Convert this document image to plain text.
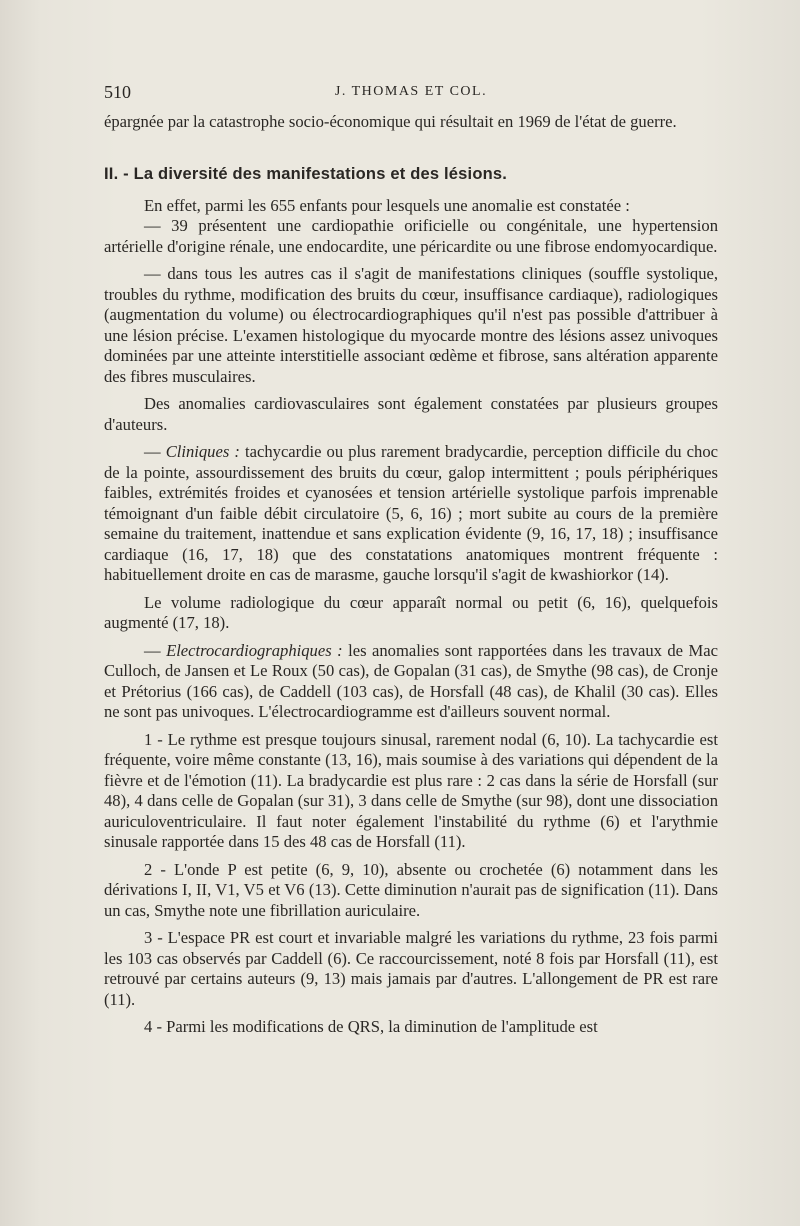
510	J. THOMAS ET COL.

épargnée par la catastrophe socio-économique qui résultait en 1969 de l'état de guerre.

II. - La diversité des manifestations et des lésions.

En effet, parmi les 655 enfants pour lesquels une anomalie est constatée :

— 39 présentent une cardiopathie orificielle ou congénitale, une hypertension artérielle d'origine rénale, une endocardite, une péricardite ou une fibrose endomyocardique.

— dans tous les autres cas il s'agit de manifestations cliniques (souffle systolique, troubles du rythme, modification des bruits du cœur, insuffisance cardiaque), radiologiques (augmentation du volume) ou électrocardiographiques qu'il n'est pas possible d'attribuer à une lésion précise. L'examen histologique du myocarde montre des lésions assez univoques dominées par une atteinte interstitielle associant œdème et fibrose, sans altération apparente des fibres musculaires.

Des anomalies cardiovasculaires sont également constatées par plusieurs groupes d'auteurs.

— Cliniques : tachycardie ou plus rarement bradycardie, perception difficile du choc de la pointe, assourdissement des bruits du cœur, galop intermittent ; pouls périphériques faibles, extrémités froides et cyanosées et tension artérielle systolique parfois imprenable témoignant d'un faible débit circulatoire (5, 6, 16) ; mort subite au cours de la première semaine du traitement, inattendue et sans explication évidente (9, 16, 17, 18) ; insuffisance cardiaque (16, 17, 18) que des constatations anatomiques montrent fréquente : habituellement droite en cas de marasme, gauche lorsqu'il s'agit de kwashiorkor (14).

Le volume radiologique du cœur apparaît normal ou petit (6, 16), quelquefois augmenté (17, 18).

— Electrocardiographiques : les anomalies sont rapportées dans les travaux de Mac Culloch, de Jansen et Le Roux (50 cas), de Gopalan (31 cas), de Smythe (98 cas), de Cronje et Prétorius (166 cas), de Caddell (103 cas), de Horsfall (48 cas), de Khalil (30 cas). Elles ne sont pas univoques. L'électrocardiogramme est d'ailleurs souvent normal.

1 - Le rythme est presque toujours sinusal, rarement nodal (6, 10). La tachycardie est fréquente, voire même constante (13, 16), mais soumise à des variations qui dépendent de la fièvre et de l'émotion (11). La bradycardie est plus rare : 2 cas dans la série de Horsfall (sur 48), 4 dans celle de Gopalan (sur 31), 3 dans celle de Smythe (sur 98), dont une dissociation auriculoventriculaire. Il faut noter également l'instabilité du rythme (6) et l'arythmie sinusale rapportée dans 15 des 48 cas de Horsfall (11).

2 - L'onde P est petite (6, 9, 10), absente ou crochetée (6) notamment dans les dérivations I, II, V1, V5 et V6 (13). Cette diminution n'aurait pas de signification (11). Dans un cas, Smythe note une fibrillation auriculaire.

3 - L'espace PR est court et invariable malgré les variations du rythme, 23 fois parmi les 103 cas observés par Caddell (6). Ce raccourcissement, noté 8 fois par Horsfall (11), est retrouvé par certains auteurs (9, 13) mais jamais par d'autres. L'allongement de PR est rare (11).

4 - Parmi les modifications de QRS, la diminution de l'amplitude est
